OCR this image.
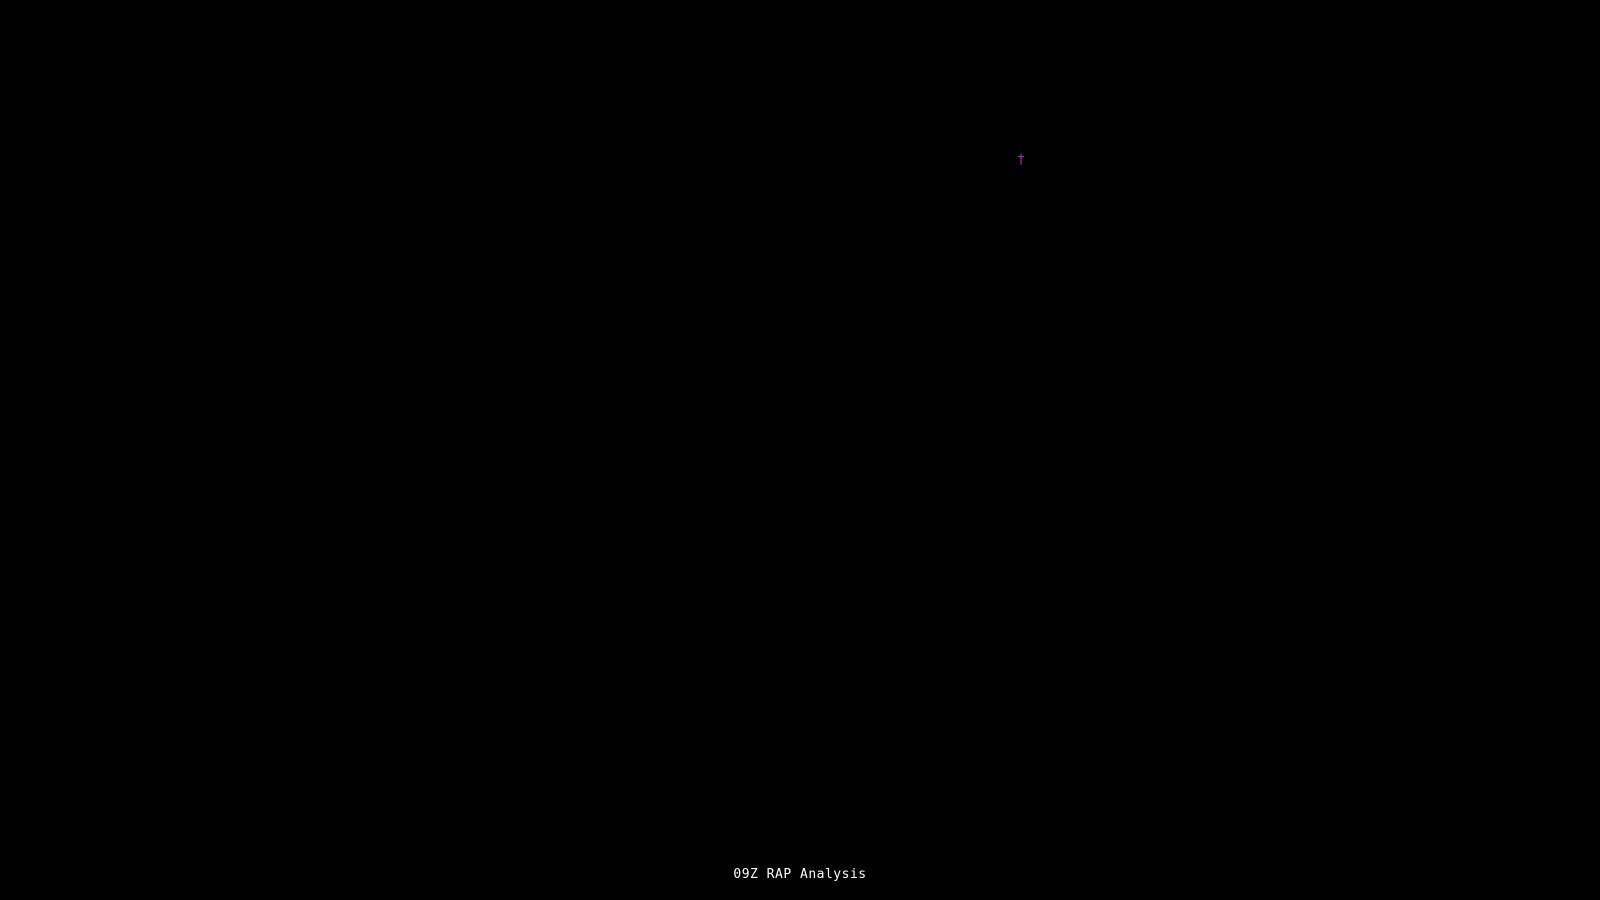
†
09Z RAP Analysis
